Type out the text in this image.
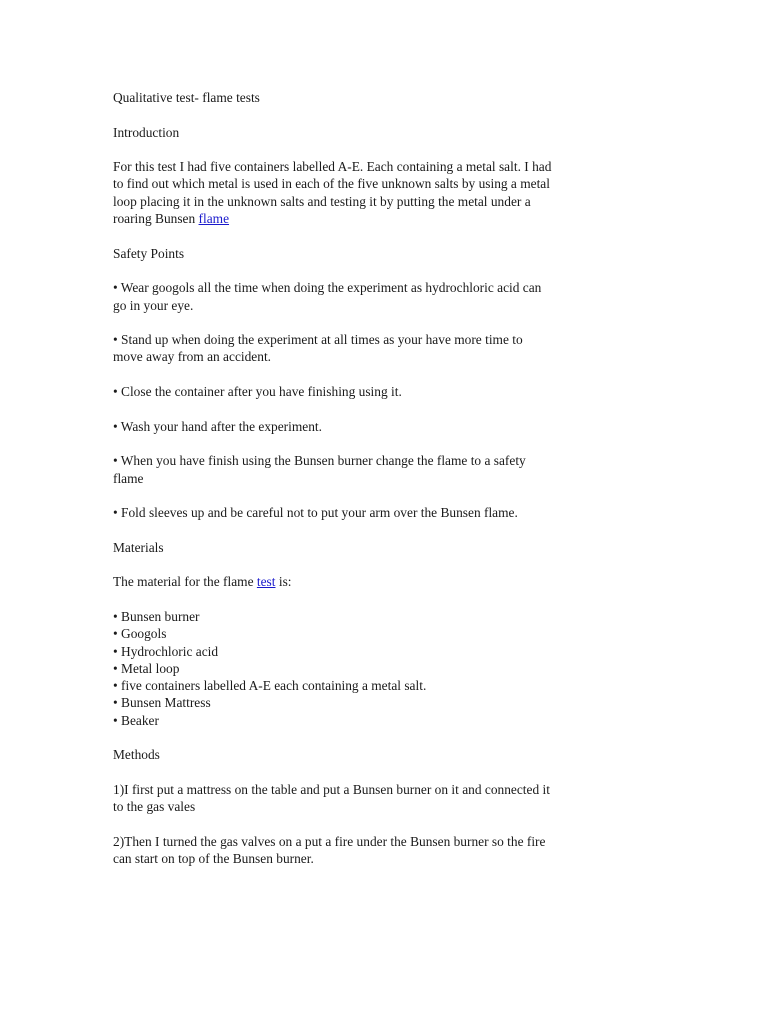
Qualitative test- flame tests

Introduction

For this test I had five containers labelled A-E. Each containing a metal salt. I had to find out which metal is used in each of the five unknown salts by using a metal loop placing it in the unknown salts and testing it by putting the metal under a roaring Bunsen flame

Safety Points

• Wear googols all the time when doing the experiment as hydrochloric acid can go in your eye.

• Stand up when doing the experiment at all times as your have more time to move away from an accident.

• Close the container after you have finishing using it.

• Wash your hand after the experiment.

• When you have finish using the Bunsen burner change the flame to a safety flame

• Fold sleeves up and be careful not to put your arm over the Bunsen flame.

Materials

The material for the flame test is:

• Bunsen burner
• Googols
• Hydrochloric acid
• Metal loop
• five containers labelled A-E each containing a metal salt.
• Bunsen Mattress
• Beaker

Methods

1)I first put a mattress on the table and put a Bunsen burner on it and connected it to the gas vales

2)Then I turned the gas valves on a put a fire under the Bunsen burner so the fire can start on top of the Bunsen burner.
